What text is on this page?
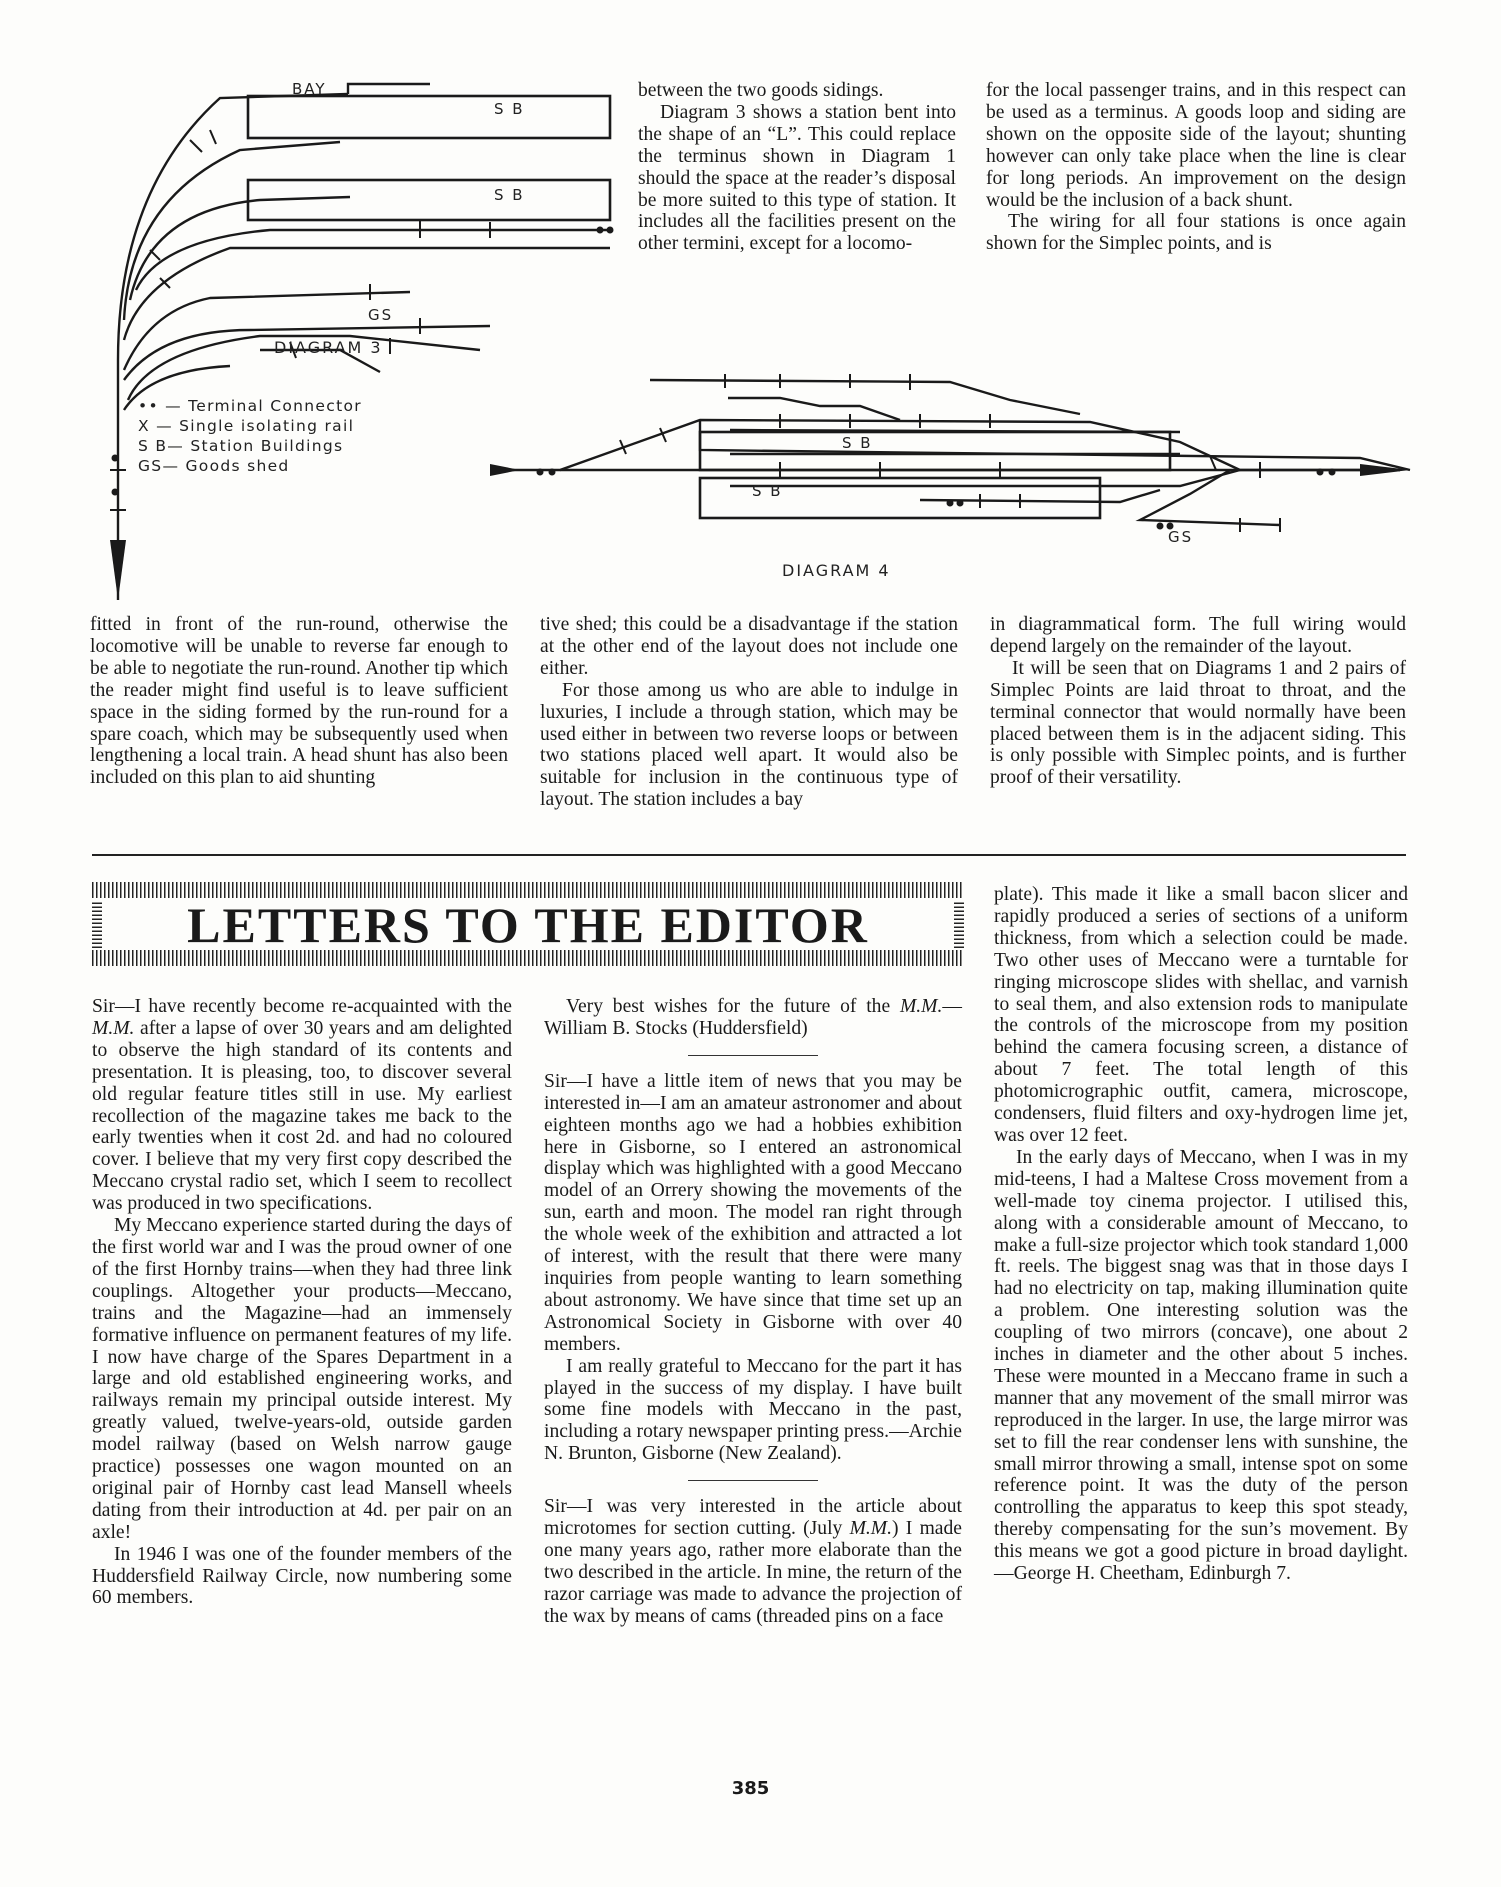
BAY
S B
S B
GS
DIAGRAM 3
•• — Terminal Connector
X — Single isolating rail
S B— Station Buildings
GS— Goods shed
S B
S B
GS
DIAGRAM 4

between the two goods sidings.

Diagram 3 shows a station bent into the shape of an “L”. This could replace the terminus shown in Diagram 1 should the space at the reader’s disposal be more suited to this type of station. It includes all the facilities present on the other termini, except for a locomo-

for the local passenger trains, and in this respect can be used as a terminus. A goods loop and siding are shown on the opposite side of the layout; shunting however can only take place when the line is clear for long periods. An improvement on the design would be the inclusion of a back shunt.

The wiring for all four stations is once again shown for the Simplec points, and is

fitted in front of the run-round, otherwise the locomotive will be unable to reverse far enough to be able to negotiate the run-round. Another tip which the reader might find useful is to leave sufficient space in the siding formed by the run-round for a spare coach, which may be subsequently used when lengthening a local train. A head shunt has also been included on this plan to aid shunting

tive shed; this could be a disadvantage if the station at the other end of the layout does not include one either.

For those among us who are able to indulge in luxuries, I include a through station, which may be used either in between two reverse loops or between two stations placed well apart. It would also be suitable for inclusion in the continuous type of layout. The station includes a bay

in diagrammatical form. The full wiring would depend largely on the remainder of the layout.

It will be seen that on Diagrams 1 and 2 pairs of Simplec Points are laid throat to throat, and the terminal connector that would normally have been placed between them is in the adjacent siding. This is only possible with Simplec points, and is further proof of their versatility.

LETTERS TO THE EDITOR

Sir—I have recently become re-acquainted with the M.M. after a lapse of over 30 years and am delighted to observe the high standard of its contents and presentation. It is pleasing, too, to discover several old regular feature titles still in use. My earliest recollection of the magazine takes me back to the early twenties when it cost 2d. and had no coloured cover. I believe that my very first copy described the Meccano crystal radio set, which I seem to recollect was produced in two specifications.

My Meccano experience started during the days of the first world war and I was the proud owner of one of the first Hornby trains—when they had three link couplings. Altogether your products—Meccano, trains and the Magazine—had an immensely formative influence on permanent features of my life. I now have charge of the Spares Department in a large and old established engineering works, and railways remain my principal outside interest. My greatly valued, twelve-years-old, outside garden model railway (based on Welsh narrow gauge practice) possesses one wagon mounted on an original pair of Hornby cast lead Mansell wheels dating from their introduction at 4d. per pair on an axle!

In 1946 I was one of the founder members of the Huddersfield Railway Circle, now numbering some 60 members.

Very best wishes for the future of the M.M.—William B. Stocks (Huddersfield)

Sir—I have a little item of news that you may be interested in—I am an amateur astronomer and about eighteen months ago we had a hobbies exhibition here in Gisborne, so I entered an astronomical display which was highlighted with a good Meccano model of an Orrery showing the movements of the sun, earth and moon. The model ran right through the whole week of the exhibition and attracted a lot of interest, with the result that there were many inquiries from people wanting to learn something about astronomy. We have since that time set up an Astronomical Society in Gisborne with over 40 members.

I am really grateful to Meccano for the part it has played in the success of my display. I have built some fine models with Meccano in the past, including a rotary newspaper printing press.—Archie N. Brunton, Gisborne (New Zealand).

Sir—I was very interested in the article about microtomes for section cutting. (July M.M.) I made one many years ago, rather more elaborate than the two described in the article. In mine, the return of the razor carriage was made to advance the projection of the wax by means of cams (threaded pins on a face

plate). This made it like a small bacon slicer and rapidly produced a series of sections of a uniform thickness, from which a selection could be made. Two other uses of Meccano were a turntable for ringing microscope slides with shellac, and varnish to seal them, and also extension rods to manipulate the controls of the microscope from my position behind the camera focusing screen, a distance of about 7 feet. The total length of this photomicrographic outfit, camera, microscope, condensers, fluid filters and oxy-hydrogen lime jet, was over 12 feet.

In the early days of Meccano, when I was in my mid-teens, I had a Maltese Cross movement from a well-made toy cinema projector. I utilised this, along with a considerable amount of Meccano, to make a full-size projector which took standard 1,000 ft. reels. The biggest snag was that in those days I had no electricity on tap, making illumination quite a problem. One interesting solution was the coupling of two mirrors (concave), one about 2 inches in diameter and the other about 5 inches. These were mounted in a Meccano frame in such a manner that any movement of the small mirror was reproduced in the larger. In use, the large mirror was set to fill the rear condenser lens with sunshine, the small mirror throwing a small, intense spot on some reference point. It was the duty of the person controlling the apparatus to keep this spot steady, thereby compensating for the sun’s movement. By this means we got a good picture in broad daylight.—George H. Cheetham, Edinburgh 7.

385
